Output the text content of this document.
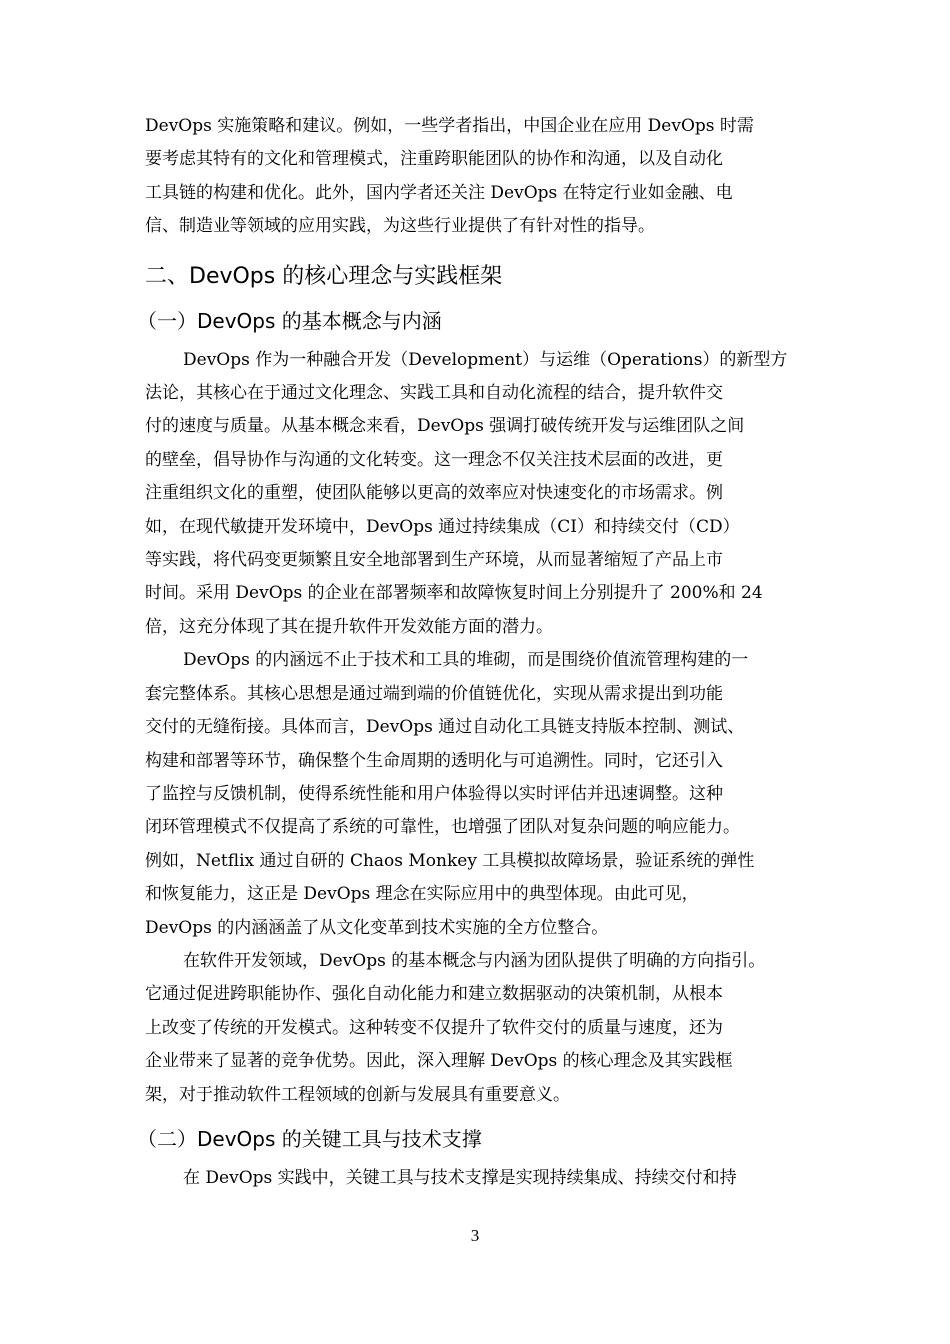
DevOps 实施策略和建议。例如，一些学者指出，中国企业在应用 DevOps 时需
要考虑其特有的文化和管理模式，注重跨职能团队的协作和沟通，以及自动化
工具链的构建和优化。此外，国内学者还关注 DevOps 在特定行业如金融、电
信、制造业等领域的应用实践，为这些行业提供了有针对性的指导。

二、DevOps 的核心理念与实践框架
（一）DevOps 的基本概念与内涵

DevOps 作为一种融合开发（Development）与运维（Operations）的新型方
法论，其核心在于通过文化理念、实践工具和自动化流程的结合，提升软件交
付的速度与质量。从基本概念来看，DevOps 强调打破传统开发与运维团队之间
的壁垒，倡导协作与沟通的文化转变。这一理念不仅关注技术层面的改进，更
注重组织文化的重塑，使团队能够以更高的效率应对快速变化的市场需求。例
如，在现代敏捷开发环境中，DevOps 通过持续集成（CI）和持续交付（CD）
等实践，将代码变更频繁且安全地部署到生产环境，从而显著缩短了产品上市
时间。采用 DevOps 的企业在部署频率和故障恢复时间上分别提升了 200%和 24
倍，这充分体现了其在提升软件开发效能方面的潜力。

DevOps 的内涵远不止于技术和工具的堆砌，而是围绕价值流管理构建的一
套完整体系。其核心思想是通过端到端的价值链优化，实现从需求提出到功能
交付的无缝衔接。具体而言，DevOps 通过自动化工具链支持版本控制、测试、
构建和部署等环节，确保整个生命周期的透明化与可追溯性。同时，它还引入
了监控与反馈机制，使得系统性能和用户体验得以实时评估并迅速调整。这种
闭环管理模式不仅提高了系统的可靠性，也增强了团队对复杂问题的响应能力。
例如，Netflix 通过自研的 Chaos Monkey 工具模拟故障场景，验证系统的弹性
和恢复能力，这正是 DevOps 理念在实际应用中的典型体现。由此可见，
DevOps 的内涵涵盖了从文化变革到技术实施的全方位整合。

在软件开发领域，DevOps 的基本概念与内涵为团队提供了明确的方向指引。
它通过促进跨职能协作、强化自动化能力和建立数据驱动的决策机制，从根本
上改变了传统的开发模式。这种转变不仅提升了软件交付的质量与速度，还为
企业带来了显著的竞争优势。因此，深入理解 DevOps 的核心理念及其实践框
架，对于推动软件工程领域的创新与发展具有重要意义。

（二）DevOps 的关键工具与技术支撑

在 DevOps 实践中，关键工具与技术支撑是实现持续集成、持续交付和持

3
